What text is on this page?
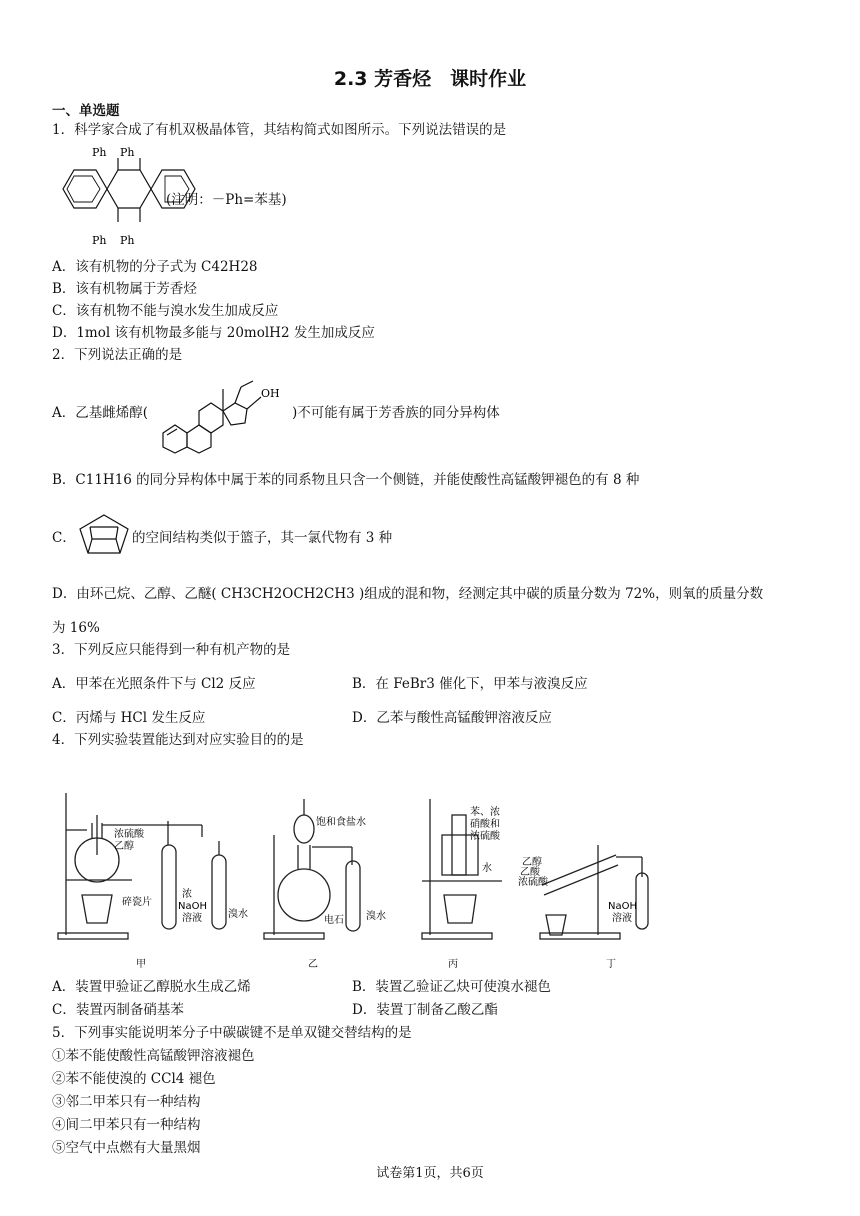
2.3 芳香烃　课时作业
一、单选题
1．科学家合成了有机双极晶体管，其结构简式如图所示。下列说法错误的是
Ph Ph
Ph Ph
(注明：－Ph=苯基)
A．该有机物的分子式为 C42H28
B．该有机物属于芳香烃
C．该有机物不能与溴水发生加成反应
D．1mol 该有机物最多能与 20molH2 发生加成反应
2．下列说法正确的是
A．乙基雌烯醇(
OH
)不可能有属于芳香族的同分异构体
B．C11H16 的同分异构体中属于苯的同系物且只含一个侧链，并能使酸性高锰酸钾褪色的有 8 种
C．	的空间结构类似于篮子，其一氯代物有 3 种
D．由环己烷、乙醇、乙醚( CH3CH2OCH2CH3 )组成的混和物，经测定其中碳的质量分数为 72%，则氧的质量分数
为 16%
3．下列反应只能得到一种有机产物的是
A．甲苯在光照条件下与 Cl2 反应	B．在 FeBr3 催化下，甲苯与液溴反应
C．丙烯与 HCl 发生反应	D．乙苯与酸性高锰酸钾溶液反应
4．下列实验装置能达到对应实验目的的是
浓硫酸
乙醇
碎瓷片
浓
NaOH
溶液	溴水
饱和食盐水
电石 溴水
苯、浓
硝酸和
浓硫酸
水
乙醇
乙酸
浓硫酸
NaOH
溶液
甲	乙	丙	丁
A．装置甲验证乙醇脱水生成乙烯	B．装置乙验证乙炔可使溴水褪色
C．装置丙制备硝基苯	D．装置丁制备乙酸乙酯
5．下列事实能说明苯分子中碳碳键不是单双键交替结构的是
①苯不能使酸性高锰酸钾溶液褪色
②苯不能使溴的 CCl4 褪色
③邻二甲苯只有一种结构
④间二甲苯只有一种结构
⑤空气中点燃有大量黑烟
试卷第1页，共6页
